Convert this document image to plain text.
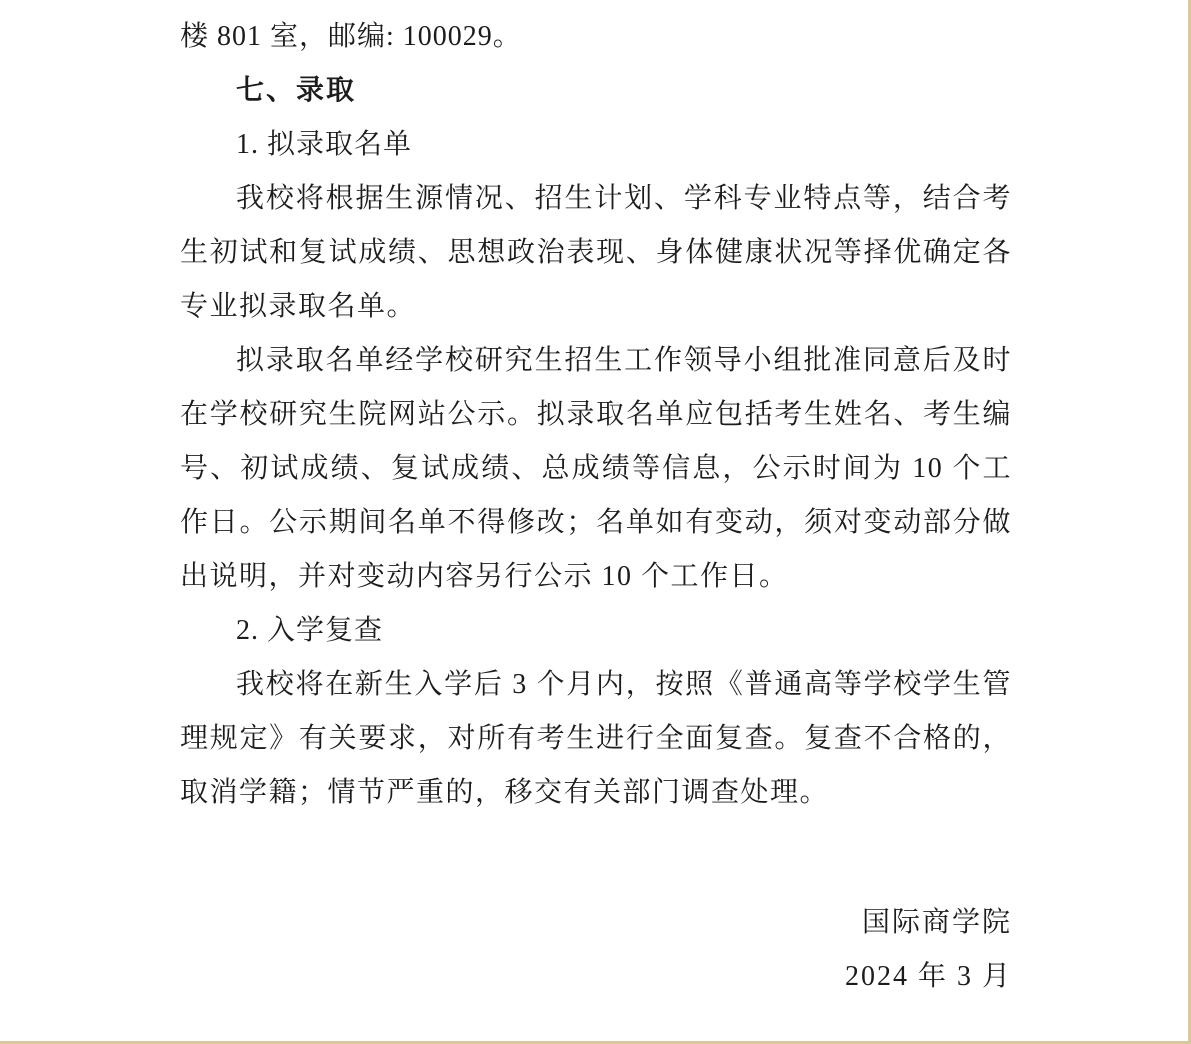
楼 801 室，邮编: 100029。

七、录取

1. 拟录取名单

我校将根据生源情况、招生计划、学科专业特点等，结合考生初试和复试成绩、思想政治表现、身体健康状况等择优确定各专业拟录取名单。

拟录取名单经学校研究生招生工作领导小组批准同意后及时在学校研究生院网站公示。拟录取名单应包括考生姓名、考生编号、初试成绩、复试成绩、总成绩等信息，公示时间为 10 个工作日。公示期间名单不得修改；名单如有变动，须对变动部分做出说明，并对变动内容另行公示 10 个工作日。

2. 入学复查

我校将在新生入学后 3 个月内，按照《普通高等学校学生管理规定》有关要求，对所有考生进行全面复查。复查不合格的，取消学籍；情节严重的，移交有关部门调查处理。

国际商学院

2024 年 3 月
